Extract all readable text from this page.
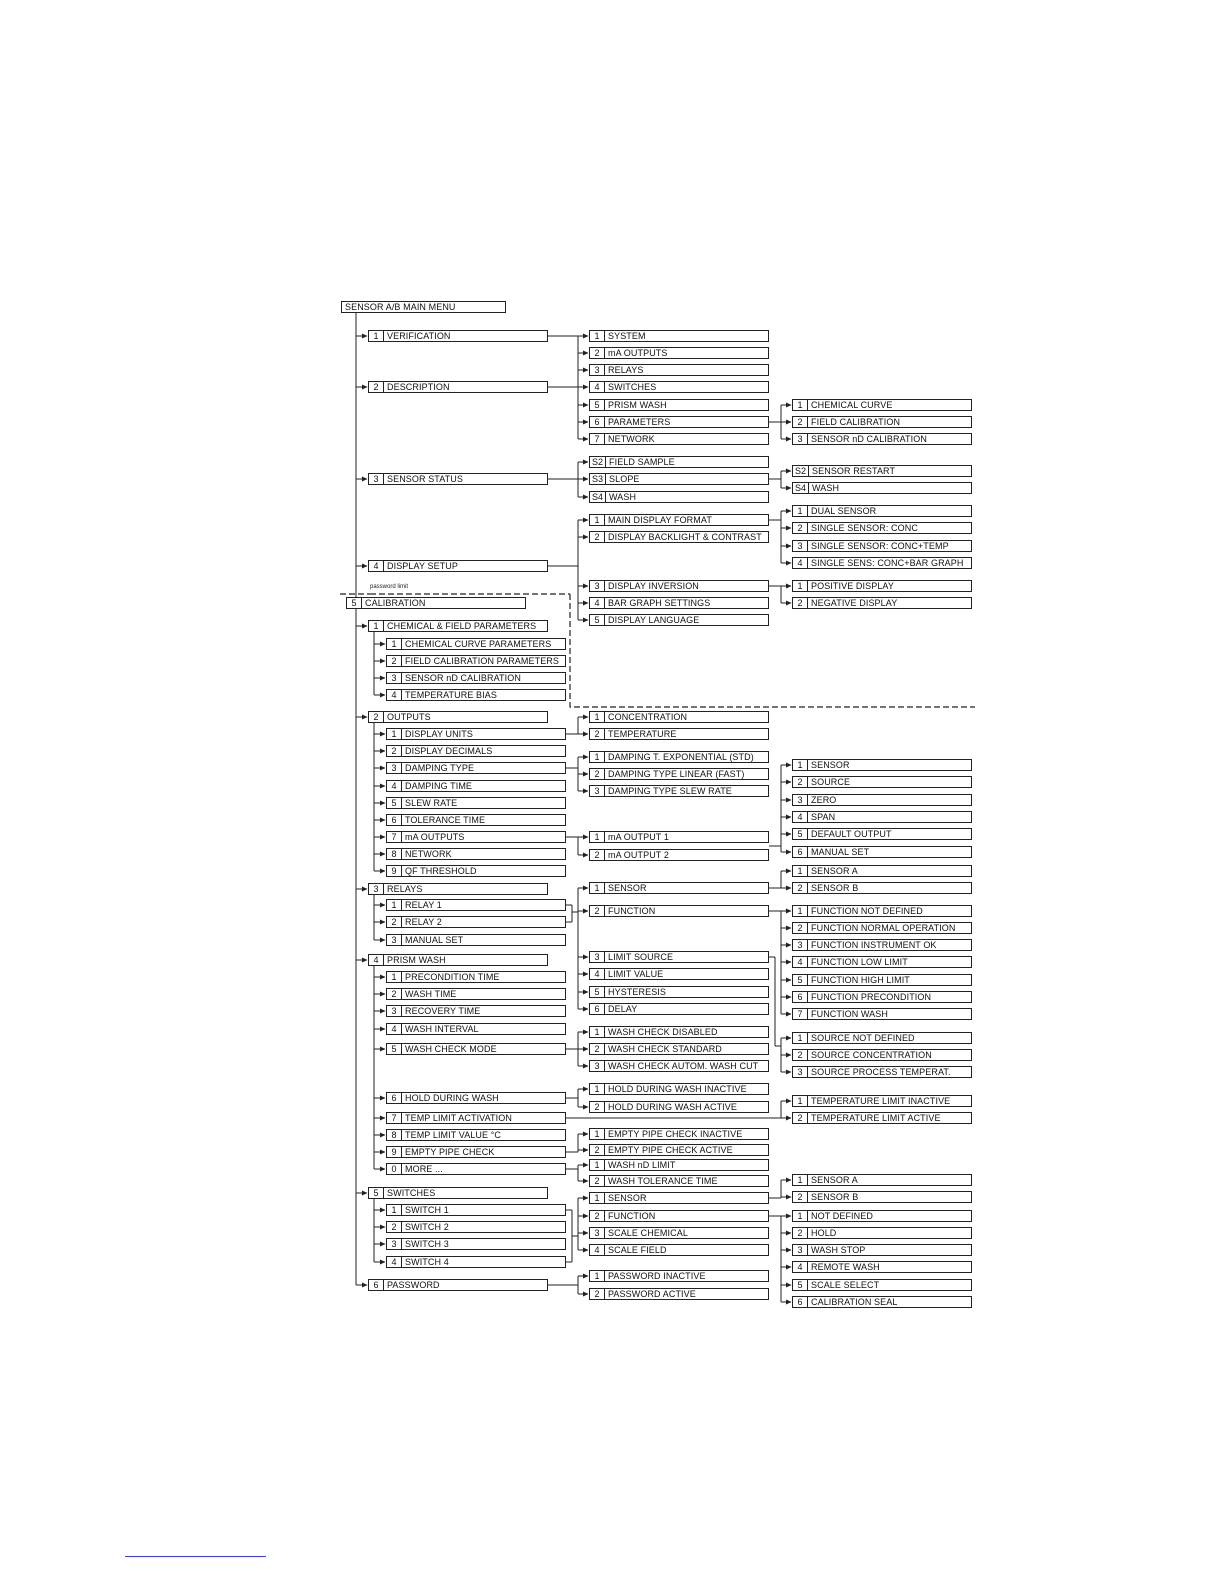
SENSOR A/B MAIN MENU
1 VERIFICATION
2 DESCRIPTION
3 SENSOR STATUS
4 DISPLAY SETUP
5 CALIBRATION
1 SYSTEM
2 mA OUTPUTS
3 RELAYS
4 SWITCHES
5 PRISM WASH
6 PARAMETERS
7 NETWORK
S2 FIELD SAMPLE
S3 SLOPE
S4 WASH
1 MAIN DISPLAY FORMAT
2 DISPLAY BACKLIGHT & CONTRAST
3 DISPLAY INVERSION
4 BAR GRAPH SETTINGS
5 DISPLAY LANGUAGE
1 CHEMICAL CURVE
2 FIELD CALIBRATION
3 SENSOR nD CALIBRATION
S2 SENSOR RESTART
S4 WASH
1 DUAL SENSOR
2 SINGLE SENSOR: CONC
3 SINGLE SENSOR: CONC+TEMP
4 SINGLE SENS: CONC+BAR GRAPH
1 POSITIVE DISPLAY
2 NEGATIVE DISPLAY
1 CHEMICAL & FIELD PARAMETERS
2 OUTPUTS
3 RELAYS
4 PRISM WASH
5 SWITCHES
6 PASSWORD
1 CHEMICAL CURVE PARAMETERS
2 FIELD CALIBRATION PARAMETERS
3 SENSOR nD CALIBRATION
4 TEMPERATURE BIAS
1 DISPLAY UNITS
2 DISPLAY DECIMALS
3 DAMPING TYPE
4 DAMPING TIME
5 SLEW RATE
6 TOLERANCE TIME
7 mA OUTPUTS
8 NETWORK
9 QF THRESHOLD
1 CONCENTRATION
2 TEMPERATURE
1 DAMPING T. EXPONENTIAL (STD)
2 DAMPING TYPE LINEAR (FAST)
3 DAMPING TYPE SLEW RATE
1 mA OUTPUT 1
2 mA OUTPUT 2
1 SENSOR
2 SOURCE
3 ZERO
4 SPAN
5 DEFAULT OUTPUT
6 MANUAL SET
1 RELAY 1
2 RELAY 2
3 MANUAL SET
1 SENSOR
2 FUNCTION
3 LIMIT SOURCE
4 LIMIT VALUE
5 HYSTERESIS
6 DELAY
1 SENSOR A
2 SENSOR B
1 FUNCTION NOT DEFINED
2 FUNCTION NORMAL OPERATION
3 FUNCTION INSTRUMENT OK
4 FUNCTION LOW LIMIT
5 FUNCTION HIGH LIMIT
6 FUNCTION PRECONDITION
7 FUNCTION WASH
1 SOURCE NOT DEFINED
2 SOURCE CONCENTRATION
3 SOURCE PROCESS TEMPERAT.
1 PRECONDITION TIME
2 WASH TIME
3 RECOVERY TIME
4 WASH INTERVAL
5 WASH CHECK MODE
6 HOLD DURING WASH
7 TEMP LIMIT ACTIVATION
8 TEMP LIMIT VALUE °C
9 EMPTY PIPE CHECK
0 MORE ...
1 WASH CHECK DISABLED
2 WASH CHECK STANDARD
3 WASH CHECK AUTOM. WASH CUT
1 HOLD DURING WASH INACTIVE
2 HOLD DURING WASH ACTIVE
1 TEMPERATURE LIMIT INACTIVE
2 TEMPERATURE LIMIT ACTIVE
1 EMPTY PIPE CHECK INACTIVE
2 EMPTY PIPE CHECK ACTIVE
1 WASH nD LIMIT
2 WASH TOLERANCE TIME
1 SWITCH 1
2 SWITCH 2
3 SWITCH 3
4 SWITCH 4
1 SENSOR
2 FUNCTION
3 SCALE CHEMICAL
4 SCALE FIELD
1 SENSOR A
2 SENSOR B
1 NOT DEFINED
2 HOLD
3 WASH STOP
4 REMOTE WASH
5 SCALE SELECT
6 CALIBRATION SEAL
1 PASSWORD INACTIVE
2 PASSWORD ACTIVE
password limit
